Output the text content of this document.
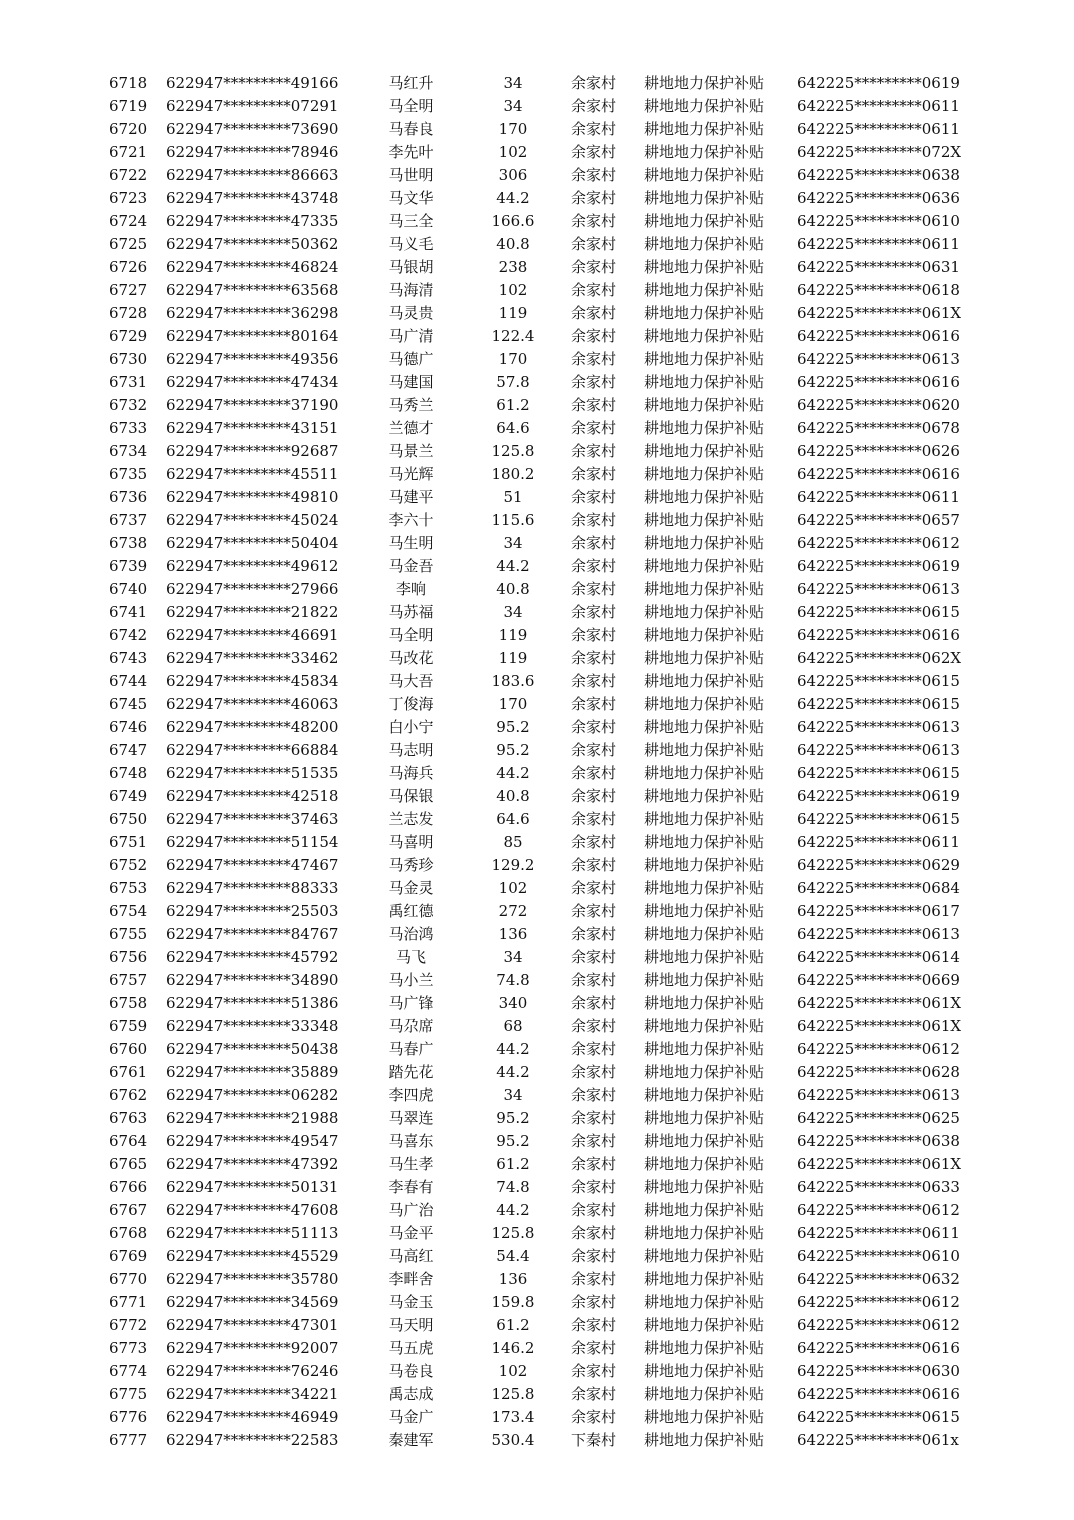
6718	622947*********49166	马红升	34	余家村	耕地地力保护补贴	642225*********0619
6719	622947*********07291	马全明	34	余家村	耕地地力保护补贴	642225*********0611
6720	622947*********73690	马春良	170	余家村	耕地地力保护补贴	642225*********0611
6721	622947*********78946	李先叶	102	余家村	耕地地力保护补贴	642225*********072X
6722	622947*********86663	马世明	306	余家村	耕地地力保护补贴	642225*********0638
6723	622947*********43748	马文华	44.2	余家村	耕地地力保护补贴	642225*********0636
6724	622947*********47335	马三全	166.6	余家村	耕地地力保护补贴	642225*********0610
6725	622947*********50362	马义毛	40.8	余家村	耕地地力保护补贴	642225*********0611
6726	622947*********46824	马银胡	238	余家村	耕地地力保护补贴	642225*********0631
6727	622947*********63568	马海清	102	余家村	耕地地力保护补贴	642225*********0618
6728	622947*********36298	马灵贵	119	余家村	耕地地力保护补贴	642225*********061X
6729	622947*********80164	马广清	122.4	余家村	耕地地力保护补贴	642225*********0616
6730	622947*********49356	马德广	170	余家村	耕地地力保护补贴	642225*********0613
6731	622947*********47434	马建国	57.8	余家村	耕地地力保护补贴	642225*********0616
6732	622947*********37190	马秀兰	61.2	余家村	耕地地力保护补贴	642225*********0620
6733	622947*********43151	兰德才	64.6	余家村	耕地地力保护补贴	642225*********0678
6734	622947*********92687	马景兰	125.8	余家村	耕地地力保护补贴	642225*********0626
6735	622947*********45511	马光辉	180.2	余家村	耕地地力保护补贴	642225*********0616
6736	622947*********49810	马建平	51	余家村	耕地地力保护补贴	642225*********0611
6737	622947*********45024	李六十	115.6	余家村	耕地地力保护补贴	642225*********0657
6738	622947*********50404	马生明	34	余家村	耕地地力保护补贴	642225*********0612
6739	622947*********49612	马金吾	44.2	余家村	耕地地力保护补贴	642225*********0619
6740	622947*********27966	李响	40.8	余家村	耕地地力保护补贴	642225*********0613
6741	622947*********21822	马苏福	34	余家村	耕地地力保护补贴	642225*********0615
6742	622947*********46691	马全明	119	余家村	耕地地力保护补贴	642225*********0616
6743	622947*********33462	马改花	119	余家村	耕地地力保护补贴	642225*********062X
6744	622947*********45834	马大吾	183.6	余家村	耕地地力保护补贴	642225*********0615
6745	622947*********46063	丁俊海	170	余家村	耕地地力保护补贴	642225*********0615
6746	622947*********48200	白小宁	95.2	余家村	耕地地力保护补贴	642225*********0613
6747	622947*********66884	马志明	95.2	余家村	耕地地力保护补贴	642225*********0613
6748	622947*********51535	马海兵	44.2	余家村	耕地地力保护补贴	642225*********0615
6749	622947*********42518	马保银	40.8	余家村	耕地地力保护补贴	642225*********0619
6750	622947*********37463	兰志发	64.6	余家村	耕地地力保护补贴	642225*********0615
6751	622947*********51154	马喜明	85	余家村	耕地地力保护补贴	642225*********0611
6752	622947*********47467	马秀珍	129.2	余家村	耕地地力保护补贴	642225*********0629
6753	622947*********88333	马金灵	102	余家村	耕地地力保护补贴	642225*********0684
6754	622947*********25503	禹红德	272	余家村	耕地地力保护补贴	642225*********0617
6755	622947*********84767	马治鸿	136	余家村	耕地地力保护补贴	642225*********0613
6756	622947*********45792	马飞	34	余家村	耕地地力保护补贴	642225*********0614
6757	622947*********34890	马小兰	74.8	余家村	耕地地力保护补贴	642225*********0669
6758	622947*********51386	马广锋	340	余家村	耕地地力保护补贴	642225*********061X
6759	622947*********33348	马尕席	68	余家村	耕地地力保护补贴	642225*********061X
6760	622947*********50438	马春广	44.2	余家村	耕地地力保护补贴	642225*********0612
6761	622947*********35889	踏先花	44.2	余家村	耕地地力保护补贴	642225*********0628
6762	622947*********06282	李四虎	34	余家村	耕地地力保护补贴	642225*********0613
6763	622947*********21988	马翠连	95.2	余家村	耕地地力保护补贴	642225*********0625
6764	622947*********49547	马喜东	95.2	余家村	耕地地力保护补贴	642225*********0638
6765	622947*********47392	马生孝	61.2	余家村	耕地地力保护补贴	642225*********061X
6766	622947*********50131	李春有	74.8	余家村	耕地地力保护补贴	642225*********0633
6767	622947*********47608	马广治	44.2	余家村	耕地地力保护补贴	642225*********0612
6768	622947*********51113	马金平	125.8	余家村	耕地地力保护补贴	642225*********0611
6769	622947*********45529	马高红	54.4	余家村	耕地地力保护补贴	642225*********0610
6770	622947*********35780	李畔舍	136	余家村	耕地地力保护补贴	642225*********0632
6771	622947*********34569	马金玉	159.8	余家村	耕地地力保护补贴	642225*********0612
6772	622947*********47301	马天明	61.2	余家村	耕地地力保护补贴	642225*********0612
6773	622947*********92007	马五虎	146.2	余家村	耕地地力保护补贴	642225*********0616
6774	622947*********76246	马卷良	102	余家村	耕地地力保护补贴	642225*********0630
6775	622947*********34221	禹志成	125.8	余家村	耕地地力保护补贴	642225*********0616
6776	622947*********46949	马金广	173.4	余家村	耕地地力保护补贴	642225*********0615
6777	622947*********22583	秦建军	530.4	下秦村	耕地地力保护补贴	642225*********061x
